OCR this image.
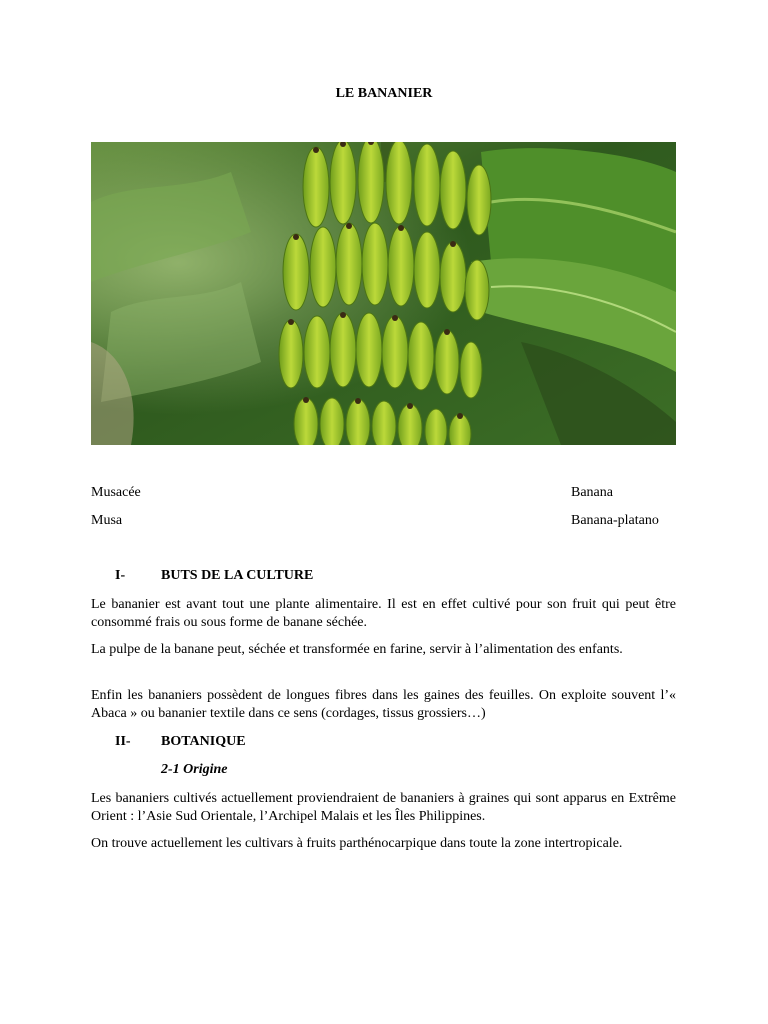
LE BANANIER
Musacée
Musa
Banana
Banana-platano
I-	BUTS DE LA CULTURE
Le bananier est avant tout une plante alimentaire. Il est en effet cultivé pour son fruit qui peut être consommé frais ou sous forme de banane séchée.
La pulpe de la banane peut, séchée et transformée en farine, servir à l’alimentation des enfants.
Enfin les bananiers possèdent de longues fibres dans les gaines des feuilles. On exploite souvent l’« Abaca » ou bananier textile dans ce sens (cordages, tissus grossiers…)
II-	BOTANIQUE
2-1 Origine
Les bananiers cultivés actuellement proviendraient de bananiers à graines qui sont apparus en Extrême Orient : l’Asie Sud Orientale, l’Archipel Malais et les Îles Philippines.
On trouve actuellement les cultivars à fruits parthénocarpique dans toute la zone intertropicale.
